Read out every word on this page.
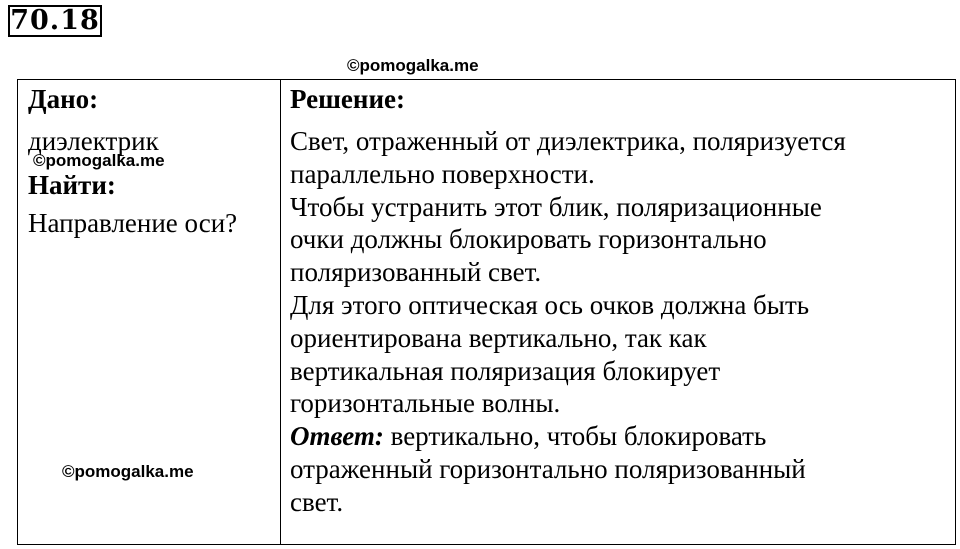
70.18
©pomogalka.me
Дано:
диэлектрик
Найти:
Направление оси?
Решение:
Свет, отраженный от диэлектрика, поляризуется
параллельно поверхности.
Чтобы устранить этот блик, поляризационные
очки должны блокировать горизонтально
поляризованный свет.
Для этого оптическая ось очков должна быть
ориентирована вертикально, так как
вертикальная поляризация блокирует
горизонтальные волны.
Ответ: вертикально, чтобы блокировать
отраженный горизонтально поляризованный
свет.
©pomogalka.me
©pomogalka.me
